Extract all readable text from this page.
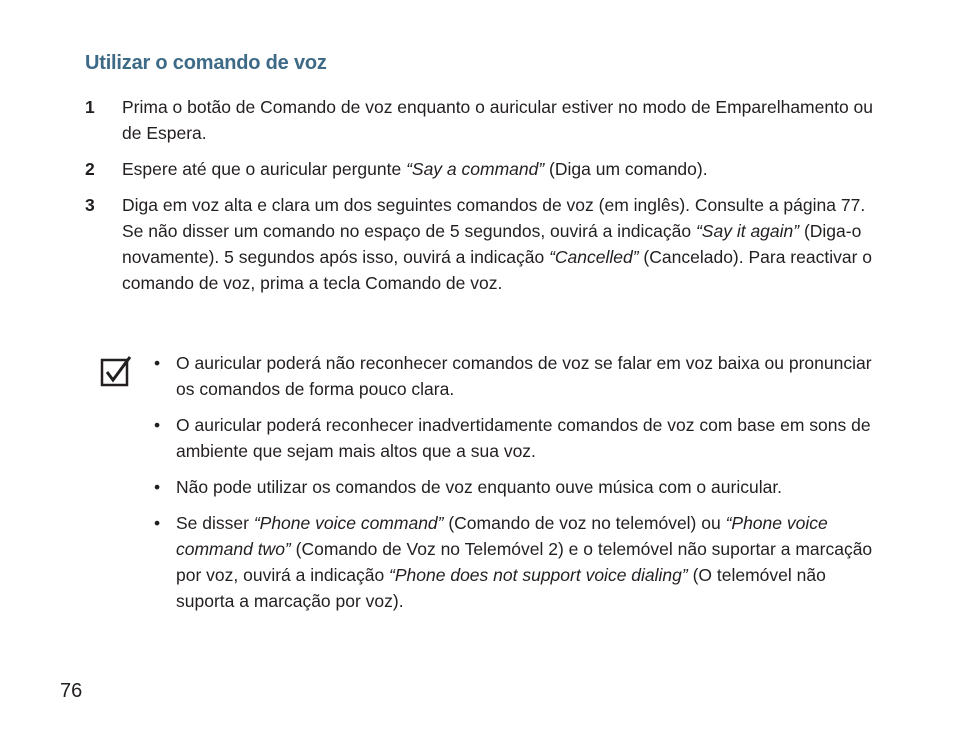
Utilizar o comando de voz
1 Prima o botão de Comando de voz enquanto o auricular estiver no modo de Emparelhamento ou de Espera.

2 Espere até que o auricular pergunte “Say a command” (Diga um comando).

3 Diga em voz alta e clara um dos seguintes comandos de voz (em inglês). Consulte a página 77.

Se não disser um comando no espaço de 5 segundos, ouvirá a indicação “Say it again” (Diga-o novamente). 5 segundos após isso, ouvirá a indicação “Cancelled” (Cancelado). Para reactivar o comando de voz, prima a tecla Comando de voz.

• O auricular poderá não reconhecer comandos de voz se falar em voz baixa ou pronunciar os comandos de forma pouco clara.
• O auricular poderá reconhecer inadvertidamente comandos de voz com base em sons de ambiente que sejam mais altos que a sua voz.
• Não pode utilizar os comandos de voz enquanto ouve música com o auricular.
• Se disser “Phone voice command” (Comando de voz no telemóvel) ou “Phone voice command two” (Comando de Voz no Telemóvel 2) e o telemóvel não suportar a marcação por voz, ouvirá a indicação “Phone does not support voice dialing” (O telemóvel não suporta a marcação por voz).
76
